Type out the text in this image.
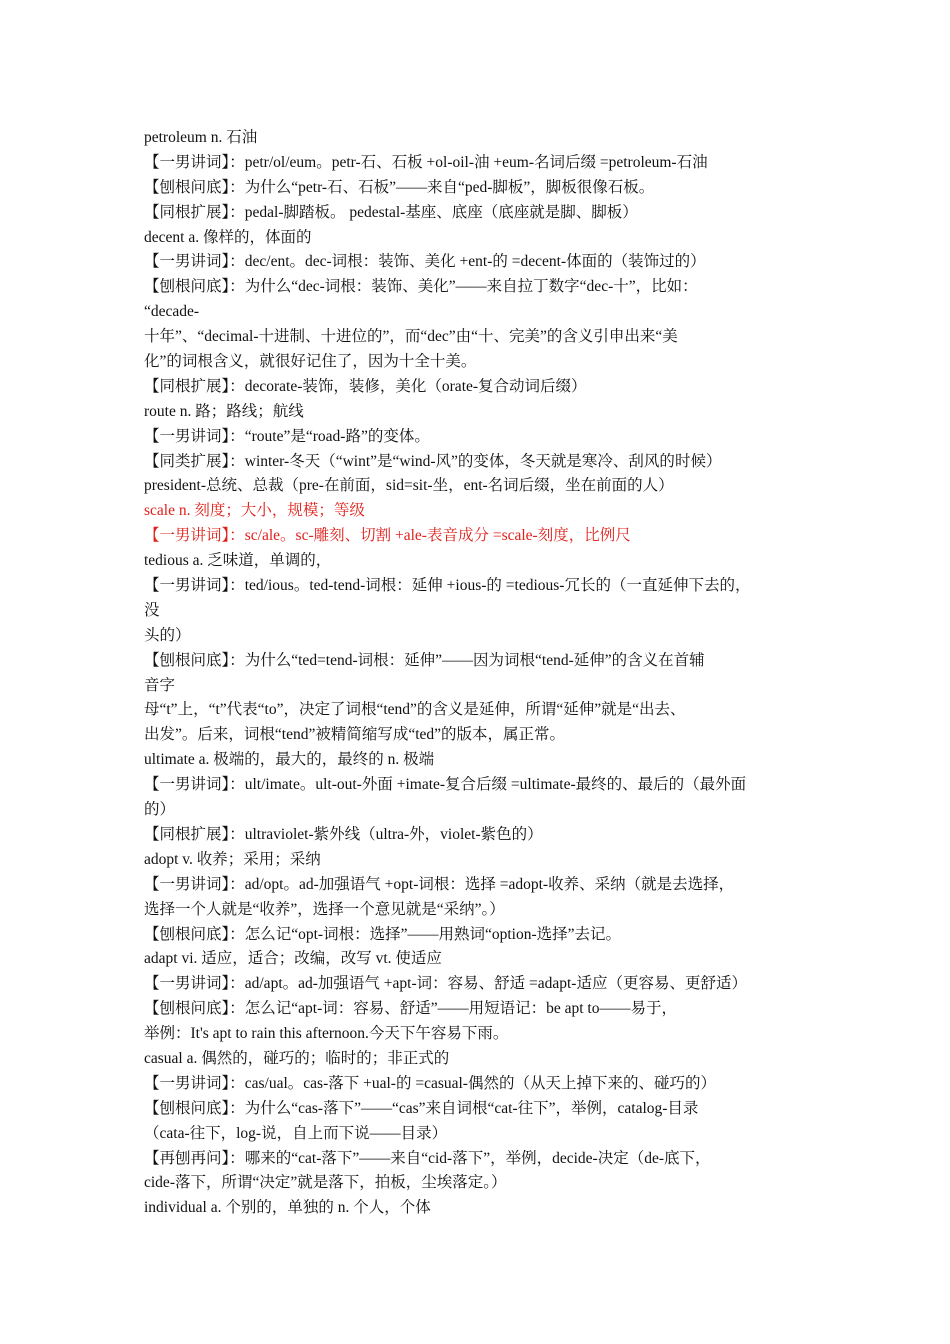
petroleum n. 石油
【一男讲词】：petr/ol/eum。petr-石、石板 +ol-oil-油 +eum-名词后缀 =petroleum-石油
【刨根问底】：为什么“petr-石、石板”——来自“ped-脚板”，脚板很像石板。
【同根扩展】：pedal-脚踏板。 pedestal-基座、底座（底座就是脚、脚板）
decent a. 像样的，体面的
【一男讲词】：dec/ent。dec-词根：装饰、美化 +ent-的 =decent-体面的（装饰过的）
【刨根问底】：为什么“dec-词根：装饰、美化”——来自拉丁数字“dec-十”，比如：
“decade-
十年”、“decimal-十进制、十进位的”，而“dec”由“十、完美”的含义引申出来“美
化”的词根含义，就很好记住了，因为十全十美。
【同根扩展】：decorate-装饰，装修，美化（orate-复合动词后缀）
route n. 路；路线；航线
【一男讲词】：“route”是“road-路”的变体。
【同类扩展】：winter-冬天（“wint”是“wind-风”的变体，冬天就是寒冷、刮风的时候）
president-总统、总裁（pre-在前面，sid=sit-坐，ent-名词后缀，坐在前面的人）
scale n. 刻度；大小，规模；等级
【一男讲词】：sc/ale。sc-雕刻、切割 +ale-表音成分 =scale-刻度，比例尺
tedious a. 乏味道，单调的，
【一男讲词】：ted/ious。ted-tend-词根：延伸 +ious-的 =tedious-冗长的（一直延伸下去的，
没
头的）
【刨根问底】：为什么“ted=tend-词根：延伸”——因为词根“tend-延伸”的含义在首辅
音字
母“t”上，“t”代表“to”，决定了词根“tend”的含义是延伸，所谓“延伸”就是“出去、
出发”。后来，词根“tend”被精简缩写成“ted”的版本，属正常。
ultimate a. 极端的，最大的，最终的 n. 极端
【一男讲词】：ult/imate。ult-out-外面 +imate-复合后缀 =ultimate-最终的、最后的（最外面
的）
【同根扩展】：ultraviolet-紫外线（ultra-外，violet-紫色的）
adopt v. 收养；采用；采纳
【一男讲词】：ad/opt。ad-加强语气 +opt-词根：选择 =adopt-收养、采纳（就是去选择，
选择一个人就是“收养”，选择一个意见就是“采纳”。）
【刨根问底】：怎么记“opt-词根：选择”——用熟词“option-选择”去记。
adapt vi. 适应，适合；改编，改写 vt. 使适应
【一男讲词】：ad/apt。ad-加强语气 +apt-词：容易、舒适 =adapt-适应（更容易、更舒适）
【刨根问底】：怎么记“apt-词：容易、舒适”——用短语记：be apt to——易于，
举例：It's apt to rain this afternoon.今天下午容易下雨。
casual a. 偶然的，碰巧的；临时的；非正式的
【一男讲词】：cas/ual。cas-落下 +ual-的 =casual-偶然的（从天上掉下来的、碰巧的）
【刨根问底】：为什么“cas-落下”——“cas”来自词根“cat-往下”，举例，catalog-目录
（cata-往下，log-说，自上而下说——目录）
【再刨再问】：哪来的“cat-落下”——来自“cid-落下”，举例，decide-决定（de-底下，
cide-落下，所谓“决定”就是落下，拍板，尘埃落定。）
individual a. 个别的，单独的 n. 个人，个体
